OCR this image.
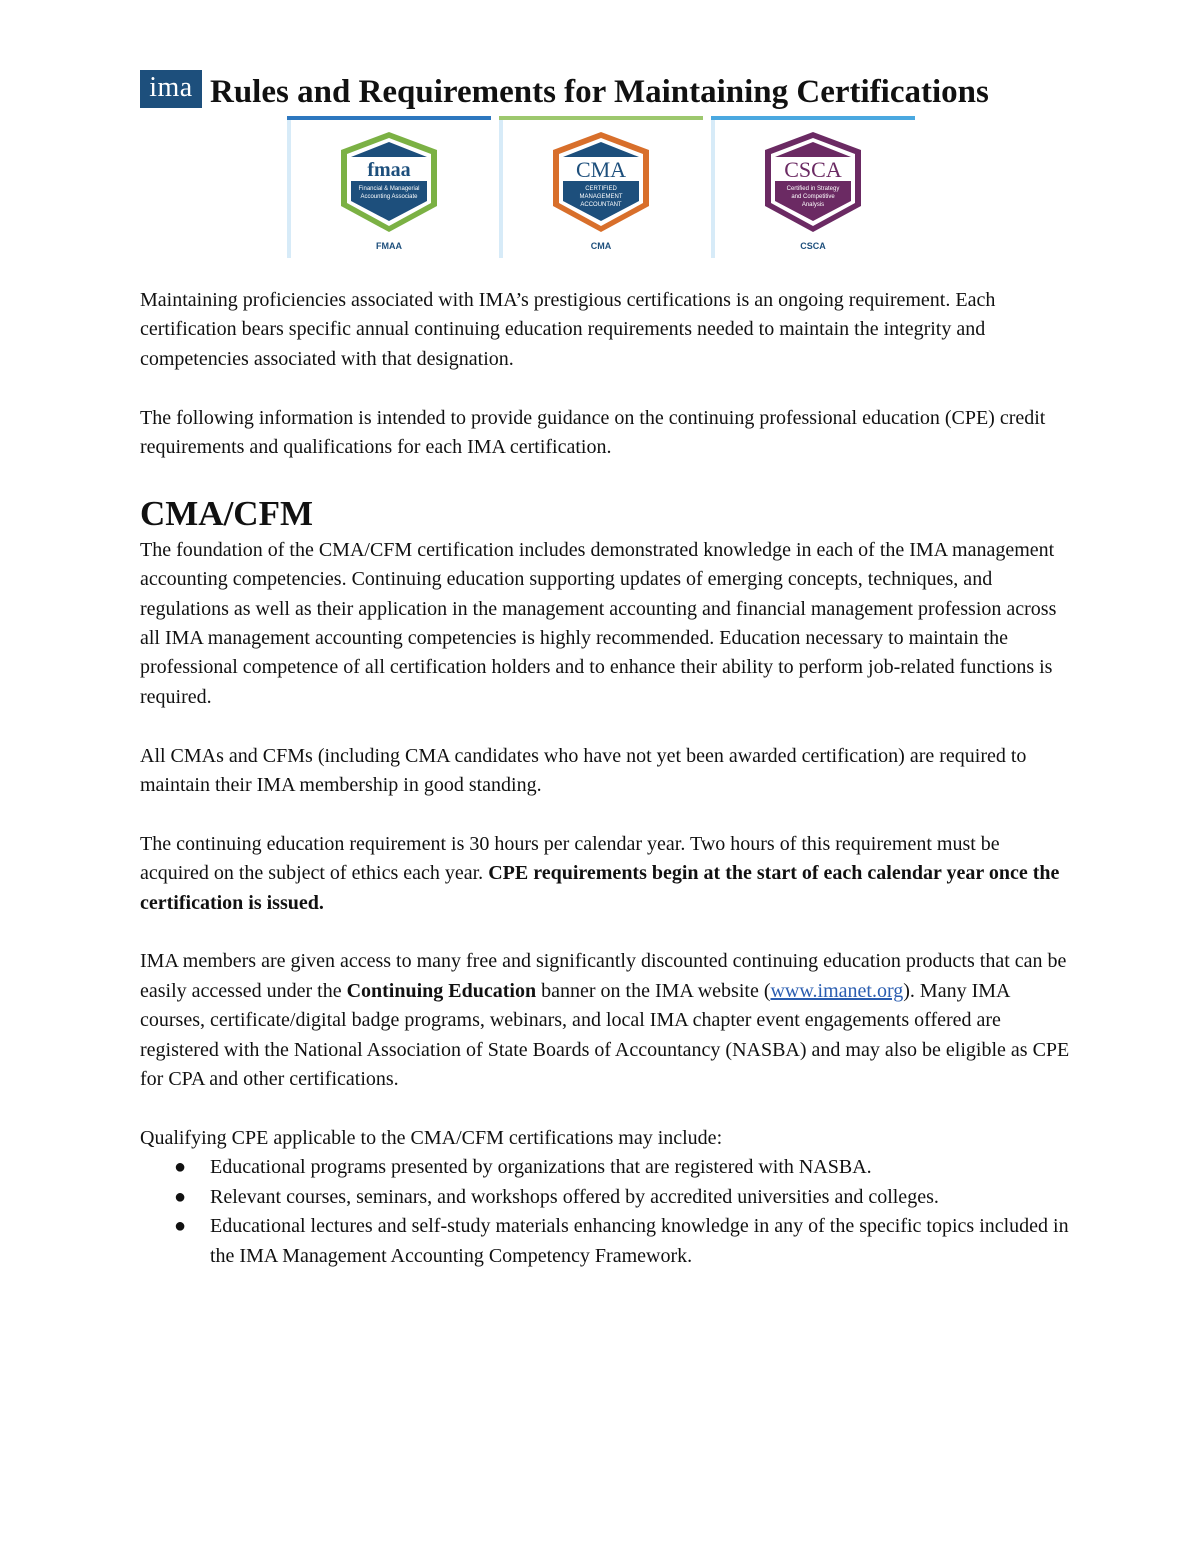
ima Rules and Requirements for Maintaining Certifications
fmaa
Financial & Managerial
Accounting Associate
FMAA
CMA
CERTIFIED
MANAGEMENT
ACCOUNTANT
CMA
CSCA
Certified in Strategy
and Competitive
Analysis
CSCA

Maintaining proficiencies associated with IMA’s prestigious certifications is an ongoing requirement. Each certification bears specific annual continuing education requirements needed to maintain the integrity and competencies associated with that designation.

The following information is intended to provide guidance on the continuing professional education (CPE) credit requirements and qualifications for each IMA certification.

CMA/CFM

The foundation of the CMA/CFM certification includes demonstrated knowledge in each of the IMA management accounting competencies. Continuing education supporting updates of emerging concepts, techniques, and regulations as well as their application in the management accounting and financial management profession across all IMA management accounting competencies is highly recommended. Education necessary to maintain the professional competence of all certification holders and to enhance their ability to perform job-related functions is required.

All CMAs and CFMs (including CMA candidates who have not yet been awarded certification) are required to maintain their IMA membership in good standing.

The continuing education requirement is 30 hours per calendar year. Two hours of this requirement must be acquired on the subject of ethics each year. CPE requirements begin at the start of each calendar year once the certification is issued.

IMA members are given access to many free and significantly discounted continuing education products that can be easily accessed under the Continuing Education banner on the IMA website (www.imanet.org). Many IMA courses, certificate/digital badge programs, webinars, and local IMA chapter event engagements offered are registered with the National Association of State Boards of Accountancy (NASBA) and may also be eligible as CPE for CPA and other certifications.

Qualifying CPE applicable to the CMA/CFM certifications may include:

● Educational programs presented by organizations that are registered with NASBA.
● Relevant courses, seminars, and workshops offered by accredited universities and colleges.
● Educational lectures and self-study materials enhancing knowledge in any of the specific topics included in the IMA Management Accounting Competency Framework.
